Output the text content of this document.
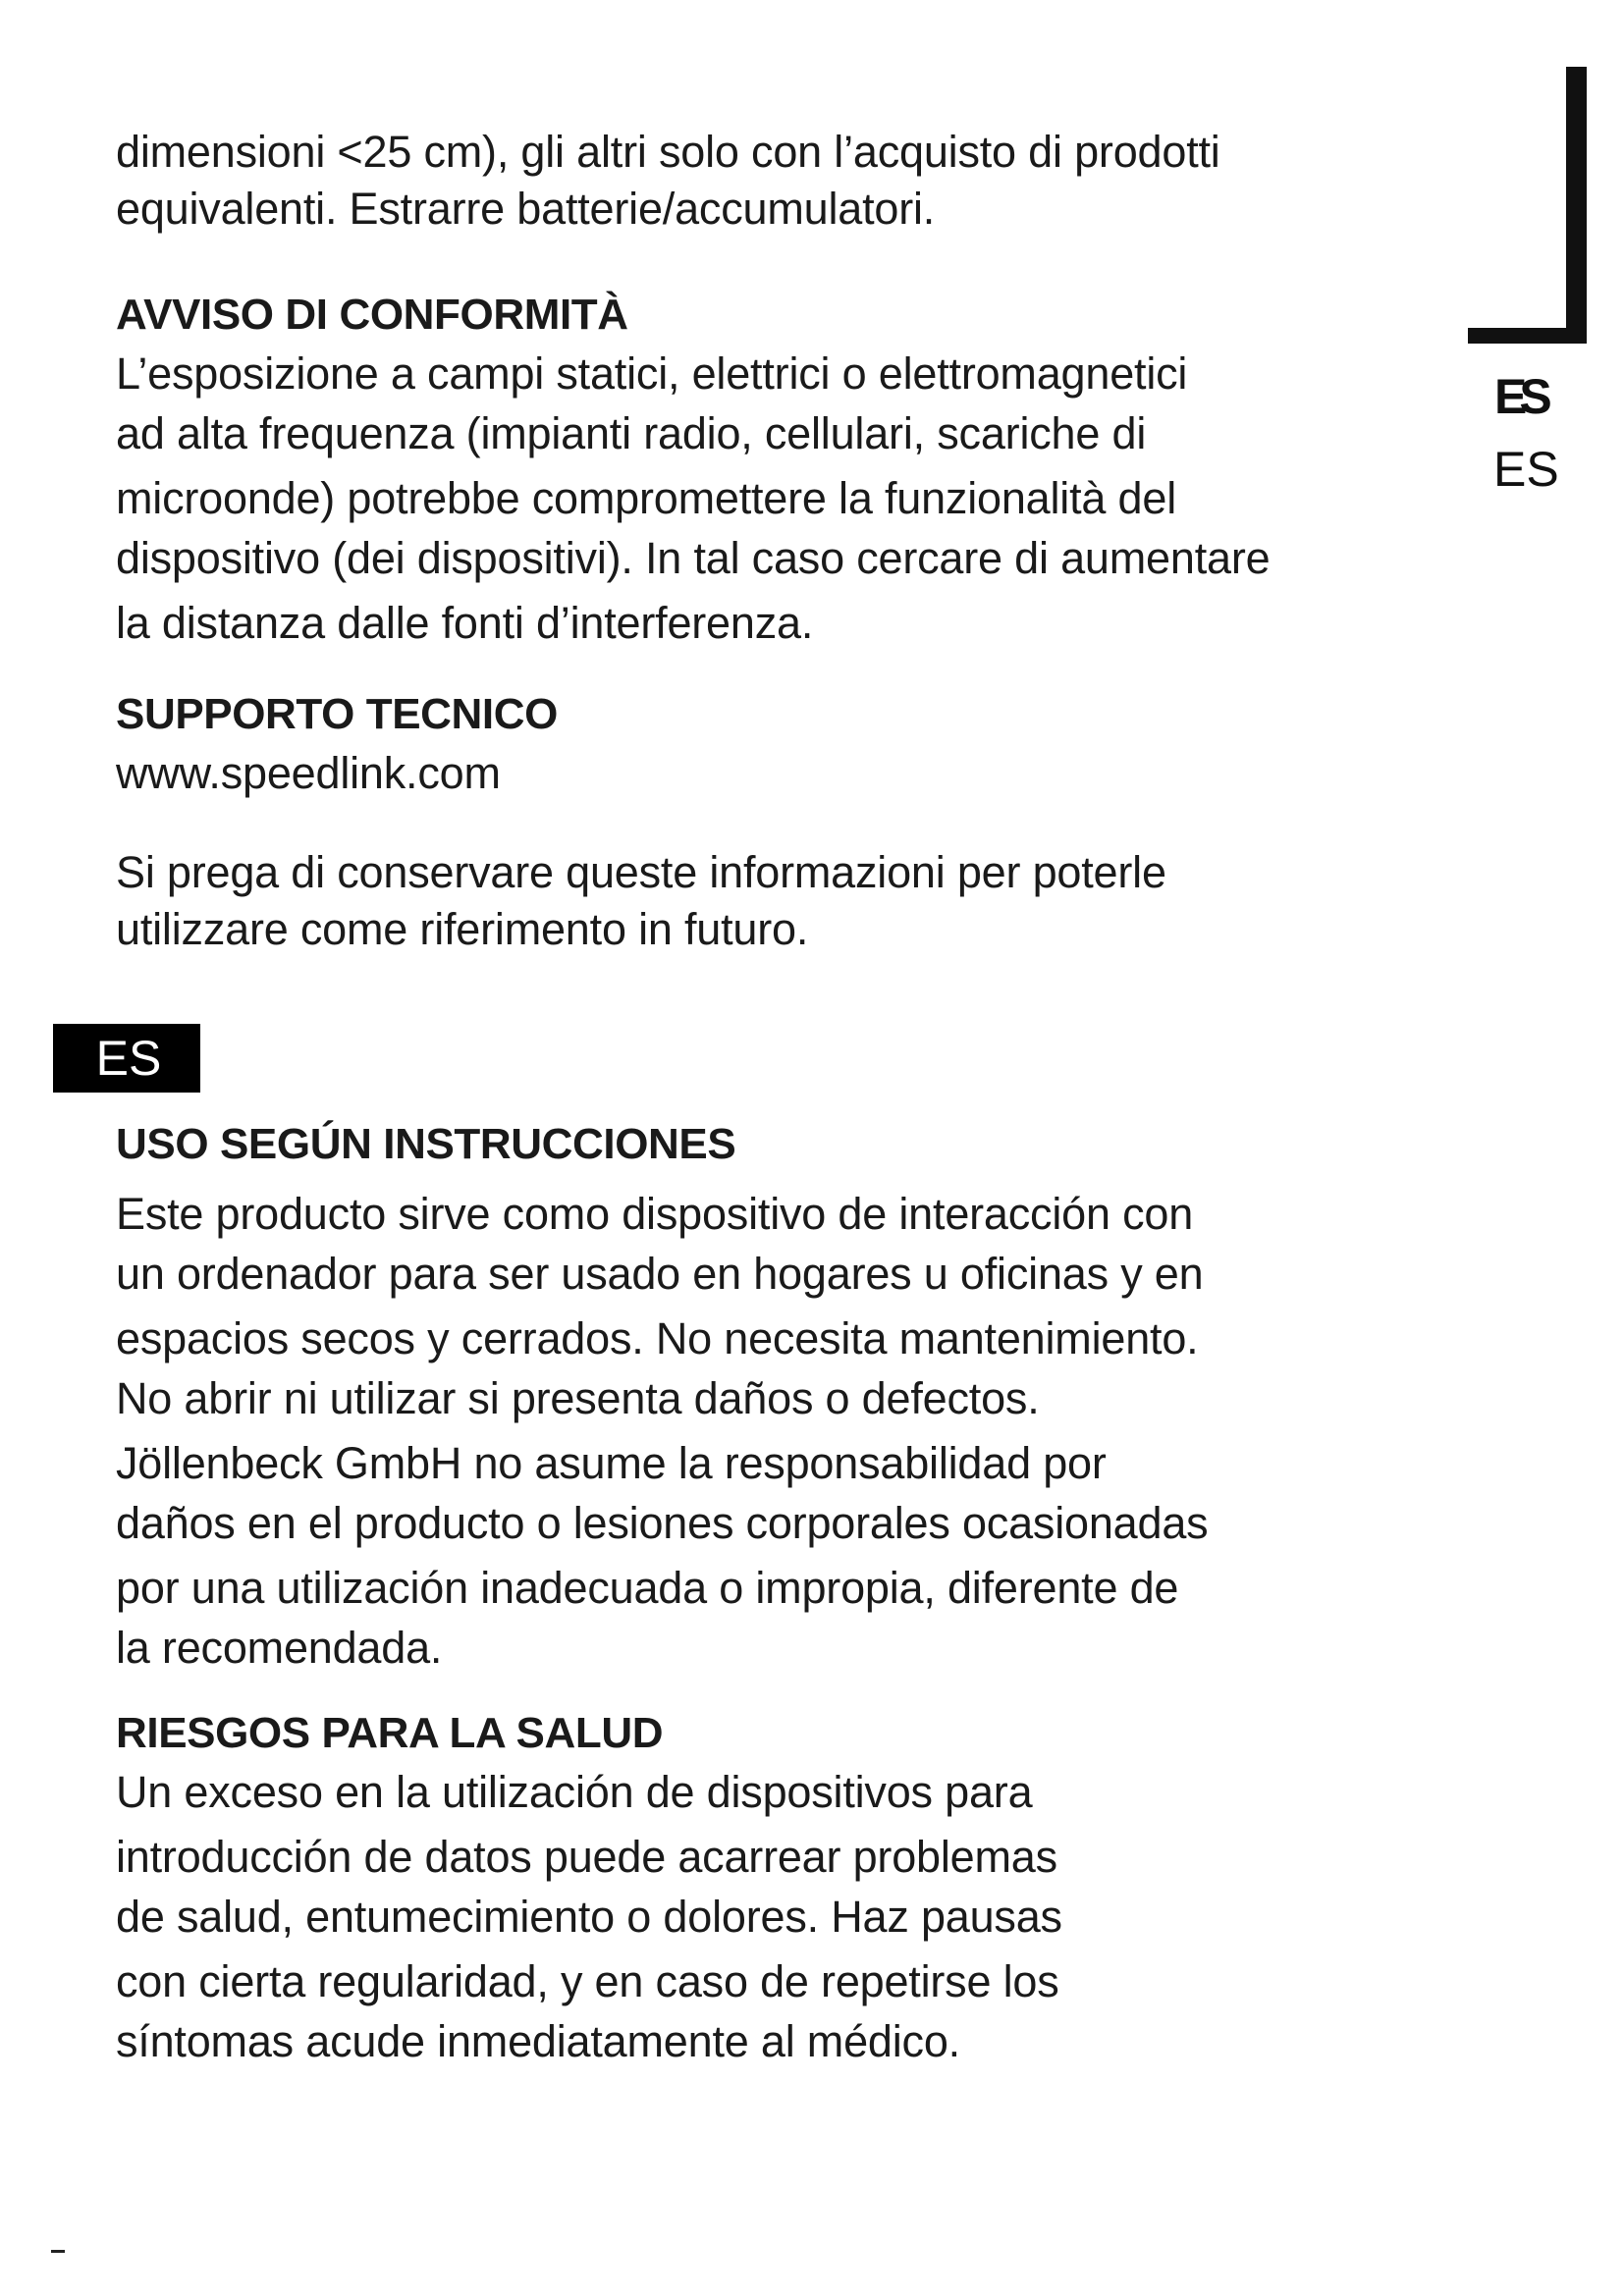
ES
ES
dimensioni <25 cm), gli altri solo con l’acquisto di prodotti
equivalenti. Estrarre batterie/accumulatori.
AVVISO DI CONFORMITÀ
L’esposizione a campi statici, elettrici o elettromagnetici
ad alta frequenza (impianti radio, cellulari, scariche di
microonde) potrebbe compromettere la funzionalità del
dispositivo (dei dispositivi). In tal caso cercare di aumentare
la distanza dalle fonti d’interferenza.
SUPPORTO TECNICO
www.speedlink.com
Si prega di conservare queste informazioni per poterle
utilizzare come riferimento in futuro.
ES
USO SEGÚN INSTRUCCIONES
Este producto sirve como dispositivo de interacción con
un ordenador para ser usado en hogares u oficinas y en
espacios secos y cerrados. No necesita mantenimiento.
No abrir ni utilizar si presenta daños o defectos.
Jöllenbeck GmbH no asume la responsabilidad por
daños en el producto o lesiones corporales ocasionadas
por una utilización inadecuada o impropia, diferente de
la recomendada.
RIESGOS PARA LA SALUD
Un exceso en la utilización de dispositivos para
introducción de datos puede acarrear problemas
de salud, entumecimiento o dolores. Haz pausas
con cierta regularidad, y en caso de repetirse los
síntomas acude inmediatamente al médico.
